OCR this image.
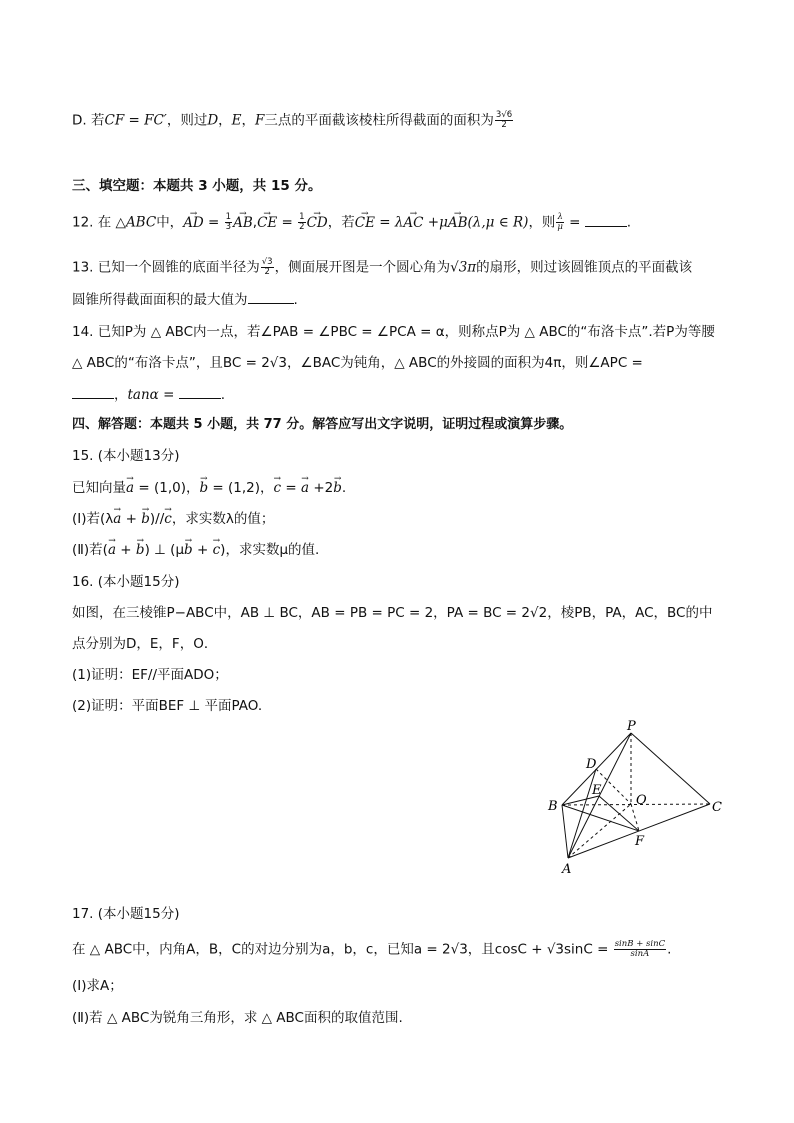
D. 若CF = FC′，则过D，E，F三点的平面截该棱柱所得截面的面积为 $\frac{3√6}{2}$
三、填空题：本题共 3 小题，共 15 分。
12. 在 △ABC中，→ AD = $\frac{1}{3} \to AB,\to$ CE = $\frac{1}{2}$ → CD，若→ CE = λ→ AC +μ→ AB(λ,μ ∈ R)，则 $\frac{\lambda}{\mu}$ =	.
13. 已知一个圆锥的底面半径为 $\frac{√3}{2}$ ，侧面展开图是一个圆心角为√3π的扇形，则过该圆锥顶点的平面截该
圆锥所得截面面积的最大值为	.
14. 已知P为 △ ABC内一点，若∠PAB = ∠PBC = ∠PCA = α，则称点P为 △ ABC的“布洛卡点”.若P为等腰
△ ABC的“布洛卡点”，且BC = 2√3，∠BAC为钝角，△ ABC的外接圆的面积为4π，则∠APC =
，tanα =	.
四、解答题：本题共 5 小题，共 77 分。解答应写出文字说明，证明过程或演算步骤。
15. (本小题13分)
已知向量→ a = (1,0)，→ b = (1,2)，→ c = → a +2→ b.
(Ⅰ)若(λ→ a + → b)//→ c，求实数λ的值；
(Ⅱ)若(→ a + → b) ⊥ (μ→ b + → c)，求实数μ的值.
16. (本小题15分)
如图，在三棱锥P−ABC中，AB ⊥ BC，AB = PB = PC = 2，PA = BC = 2√2，棱PB，PA，AC，BC的中
点分别为D，E，F，O．
(1)证明：EF//平面ADO；
(2)证明：平面BEF ⊥ 平面PAO.
P
D
E
O
B	C
F
A
17. (本小题15分)
在 △ ABC中，内角A，B，C的对边分别为a，b，c，已知a = 2√3，且$\cos C + √3\sin C = \frac{\sin B + \sin C}{\sin A}$ .
(Ⅰ)求A；
(Ⅱ)若 △ ABC为锐角三角形，求 △ ABC面积的取值范围.
